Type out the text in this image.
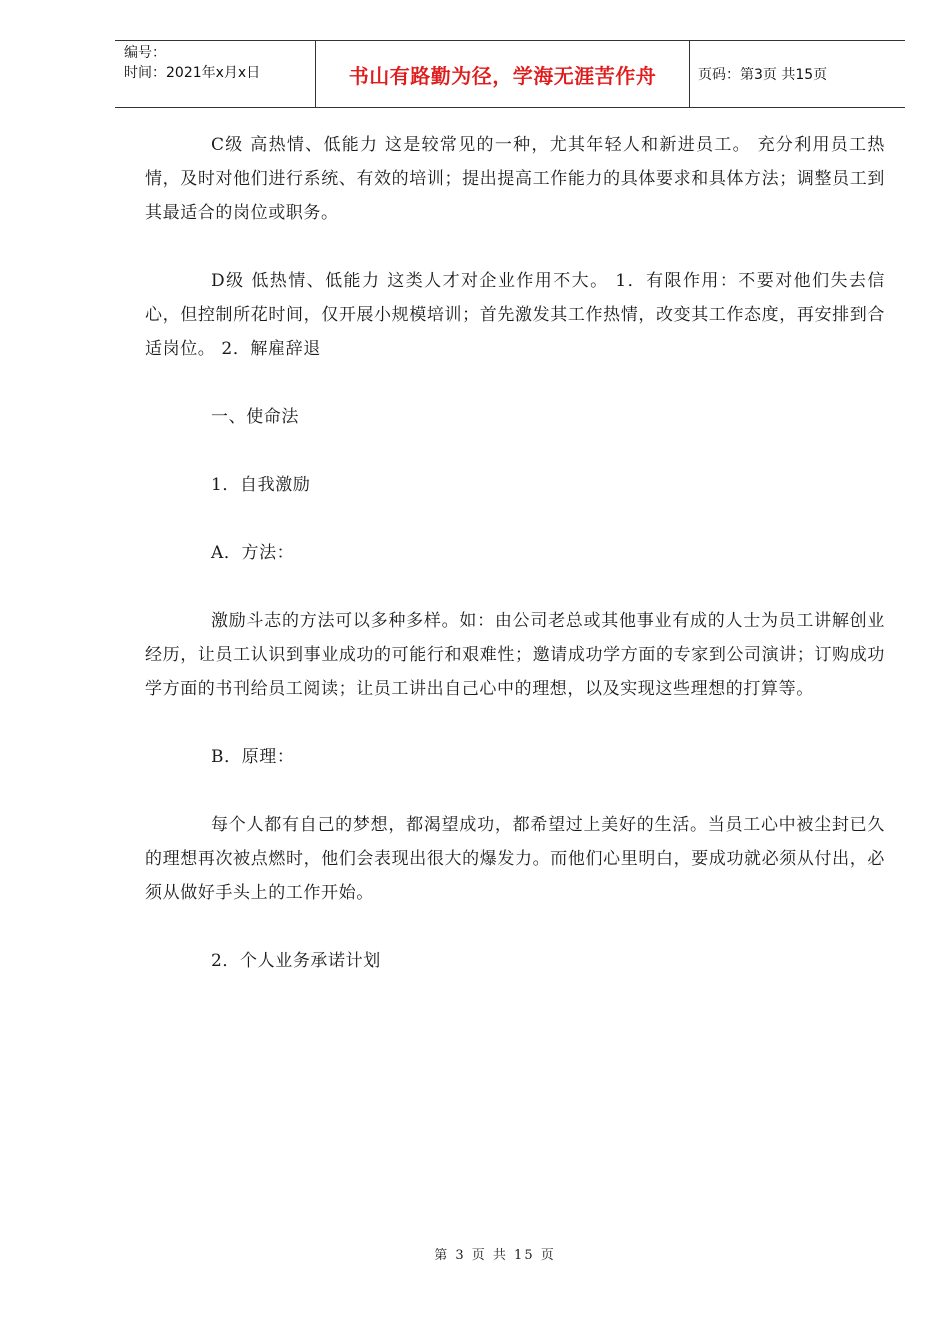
编号：
时间：2021年x月x日	书山有路勤为径，学海无涯苦作舟	页码：第3页 共15页

C级 高热情、低能力 这是较常见的一种，尤其年轻人和新进员工。 充分利用员工热情，及时对他们进行系统、有效的培训；提出提高工作能力的具体要求和具体方法；调整员工到其最适合的岗位或职务。

D级 低热情、低能力 这类人才对企业作用不大。 1．有限作用：不要对他们失去信心，但控制所花时间，仅开展小规模培训；首先激发其工作热情，改变其工作态度，再安排到合适岗位。 2．解雇辞退

一、使命法

1．自我激励

A．方法：

激励斗志的方法可以多种多样。如：由公司老总或其他事业有成的人士为员工讲解创业经历，让员工认识到事业成功的可能行和艰难性；邀请成功学方面的专家到公司演讲；订购成功学方面的书刊给员工阅读；让员工讲出自己心中的理想，以及实现这些理想的打算等。

B．原理：

每个人都有自己的梦想，都渴望成功，都希望过上美好的生活。当员工心中被尘封已久的理想再次被点燃时，他们会表现出很大的爆发力。而他们心里明白，要成功就必须从付出，必须从做好手头上的工作开始。

2．个人业务承诺计划

第 3 页 共 15 页
